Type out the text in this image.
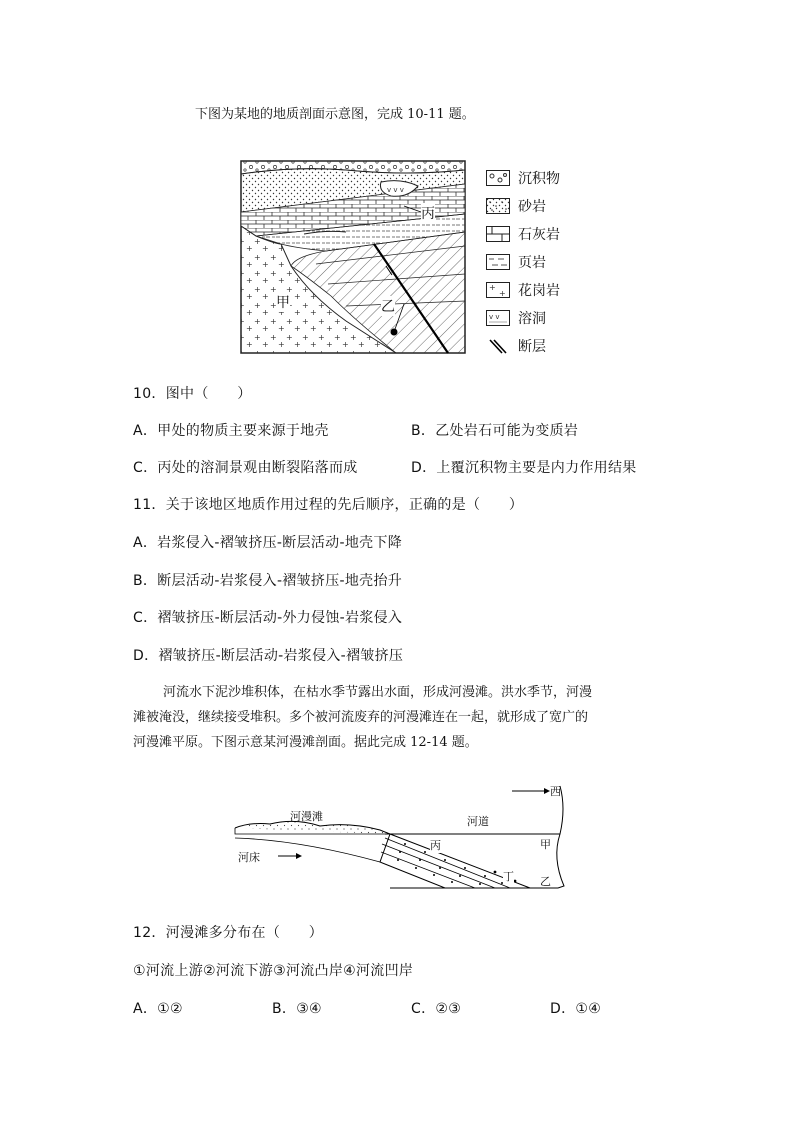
下图为某地的地质剖面示意图，完成 10-11 题。
v v v
甲	乙
丙
沉积物
砂岩
石灰岩
页岩
+
+ 花岗岩
v v 溶洞
断层
10．图中（　　）
A．甲处的物质主要来源于地壳	B．乙处岩石可能为变质岩
C．丙处的溶洞景观由断裂陷落而成	D．上覆沉积物主要是内力作用结果
11．关于该地区地质作用过程的先后顺序，正确的是（　　）
A．岩浆侵入-褶皱挤压-断层活动-地壳下降
B．断层活动-岩浆侵入-褶皱挤压-地壳抬升
C．褶皱挤压-断层活动-外力侵蚀-岩浆侵入
D．褶皱挤压-断层活动-岩浆侵入-褶皱挤压
河流水下泥沙堆积体，在枯水季节露出水面，形成河漫滩。洪水季节，河漫
滩被淹没，继续接受堆积。多个被河流废弃的河漫滩连在一起，就形成了宽广的
河漫滩平原。下图示意某河漫滩剖面。据此完成 12-14 题。
西
河漫滩	河道
河床
丙	甲
丁 乙
12．河漫滩多分布在（　　）
①河流上游②河流下游③河流凸岸④河流凹岸
A．①②	B．③④	C．②③	D．①④
